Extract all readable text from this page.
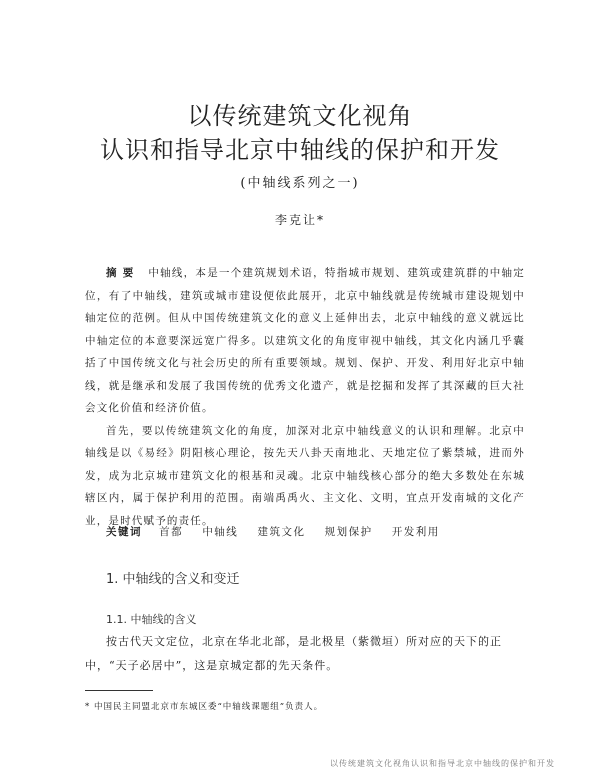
以传统建筑文化视角
认识和指导北京中轴线的保护和开发
(中轴线系列之一)
李克让*

摘 要 中轴线，本是一个建筑规划术语，特指城市规划、建筑或建筑群的中轴定位，有了中轴线，建筑或城市建设便依此展开，北京中轴线就是传统城市建设规划中轴定位的范例。但从中国传统建筑文化的意义上延伸出去，北京中轴线的意义就远比中轴定位的本意要深远宽广得多。以建筑文化的角度审视中轴线，其文化内涵几乎囊括了中国传统文化与社会历史的所有重要领域。规划、保护、开发、利用好北京中轴线，就是继承和发展了我国传统的优秀文化遗产，就是挖掘和发挥了其深藏的巨大社会文化价值和经济价值。

首先，要以传统建筑文化的角度，加深对北京中轴线意义的认识和理解。北京中轴线是以《易经》阴阳核心理论，按先天八卦天南地北、天地定位了紫禁城，进而外发，成为北京城市建筑文化的根基和灵魂。北京中轴线核心部分的绝大多数处在东城辖区内，属于保护利用的范围。南端禹禹火、主文化、文明，宜点开发南城的文化产业，是时代赋予的责任。

关键词 首都 中轴线 建筑文化 规划保护 开发利用
1. 中轴线的含义和变迁
1.1. 中轴线的含义

按古代天文定位，北京在华北北部，是北极星（紫微垣）所对应的天下的正中，“天子必居中”，这是京城定都的先天条件。

* 中国民主同盟北京市东城区委“中轴线课题组”负责人。
以传统建筑文化视角认识和指导北京中轴线的保护和开发
